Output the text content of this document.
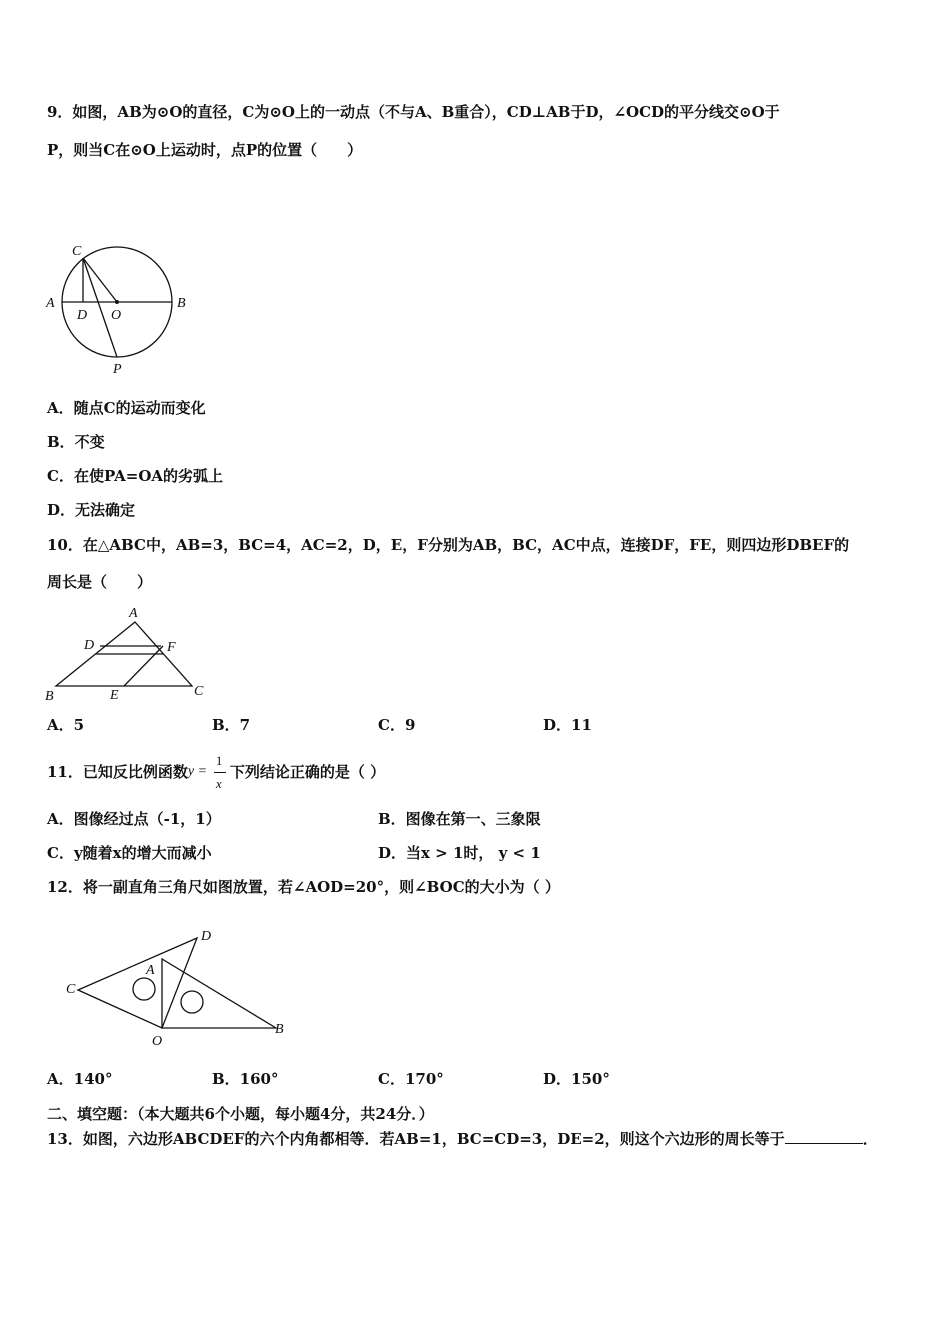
9．如图，AB为⊙O的直径，C为⊙O上的一动点（不与A、B重合），CD⊥AB于D，∠OCD的平分线交⊙O于
P，则当C在⊙O上运动时，点P的位置（　　）
C
A
D O
B
P
A．随点C的运动而变化
B．不变
C．在使PA=OA的劣弧上
D．无法确定
10．在△ABC中，AB=3，BC=4，AC=2，D，E，F分别为AB，BC，AC中点，连接DF，FE，则四边形DBEF的
周长是（　　）
A
D	F
B	E	C
A．5	B．7	C．9	D．11
11．已知反比例函数 y =
1
x
下列结论正确的是（ ）
A．图像经过点（-1，1）	B．图像在第一、三象限
C．y随着x的增大而减小	D．当x > 1时， y < 1
12．将一副直角三角尺如图放置，若∠AOD=20°，则∠BOC的大小为（ ）
D
A
C
O
B
A．140°	B．160°	C．170°	D．150°
二、填空题：（本大题共6个小题，每小题4分，共24分．）
13．如图，六边形ABCDEF的六个内角都相等．若AB=1，BC=CD=3，DE=2，则这个六边形的周长等于	．
